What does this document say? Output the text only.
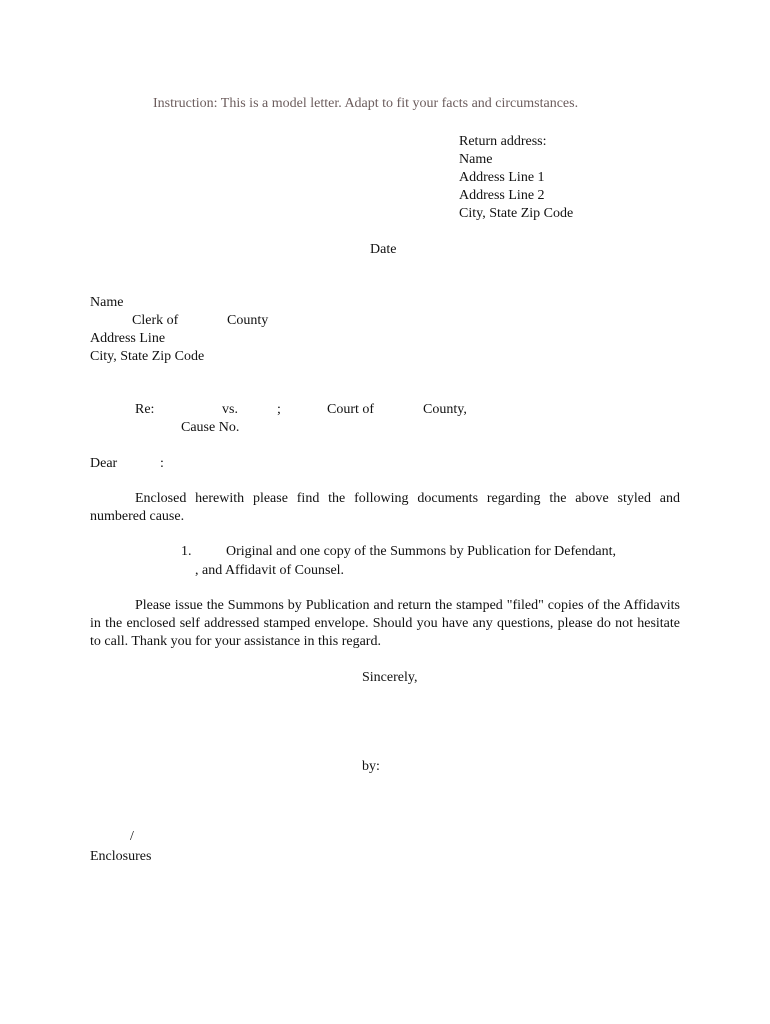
Instruction: This is a model letter. Adapt to fit your facts and circumstances.
Return address:
Name
Address Line 1
Address Line 2
City, State Zip Code
Date
Name
Clerk of	County
Address Line
City, State Zip Code
Re:	vs.	;	Court of	County,
Cause No.
Dear	:
Enclosed herewith please find the following documents regarding the above styled and numbered cause.
1. Original and one copy of the Summons by Publication for Defendant,
, and Affidavit of Counsel.
Please issue the Summons by Publication and return the stamped "filed" copies of the Affidavits in the enclosed self addressed stamped envelope. Should you have any questions, please do not hesitate to call. Thank you for your assistance in this regard.
Sincerely,
by:
/
Enclosures
